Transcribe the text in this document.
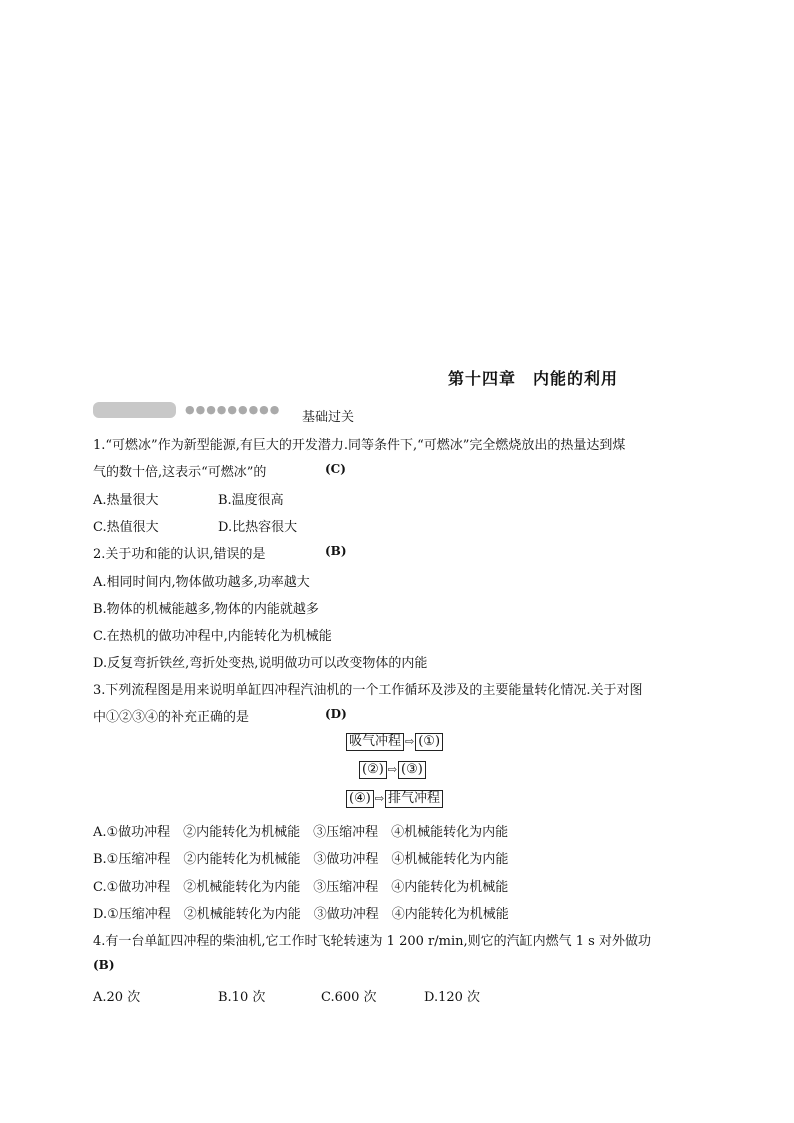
第十四章　内能的利用
●●●●●●●●●
基础过关
1.“可燃冰”作为新型能源,有巨大的开发潜力.同等条件下,“可燃冰”完全燃烧放出的热量达到煤
气的数十倍,这表示“可燃冰”的	(C)
A.热量很大	B.温度很高
C.热值很大	D.比热容很大
2.关于功和能的认识,错误的是	(B)
A.相同时间内,物体做功越多,功率越大
B.物体的机械能越多,物体的内能就越多
C.在热机的做功冲程中,内能转化为机械能
D.反复弯折铁丝,弯折处变热,说明做功可以改变物体的内能
3.下列流程图是用来说明单缸四冲程汽油机的一个工作循环及涉及的主要能量转化情况.关于对图
中①②③④的补充正确的是	(D)
吸气冲程 ⇨ (①)
(②) ⇨ (③)
(④) ⇨ 排气冲程
A.①做功冲程　②内能转化为机械能　③压缩冲程　④机械能转化为内能
B.①压缩冲程　②内能转化为机械能　③做功冲程　④机械能转化为内能
C.①做功冲程　②机械能转化为内能　③压缩冲程　④内能转化为机械能
D.①压缩冲程　②机械能转化为内能　③做功冲程　④内能转化为机械能
4.有一台单缸四冲程的柴油机,它工作时飞轮转速为 1 200 r/min,则它的汽缸内燃气 1 s 对外做功
(B)
A.20 次	B.10 次	C.600 次	D.120 次
